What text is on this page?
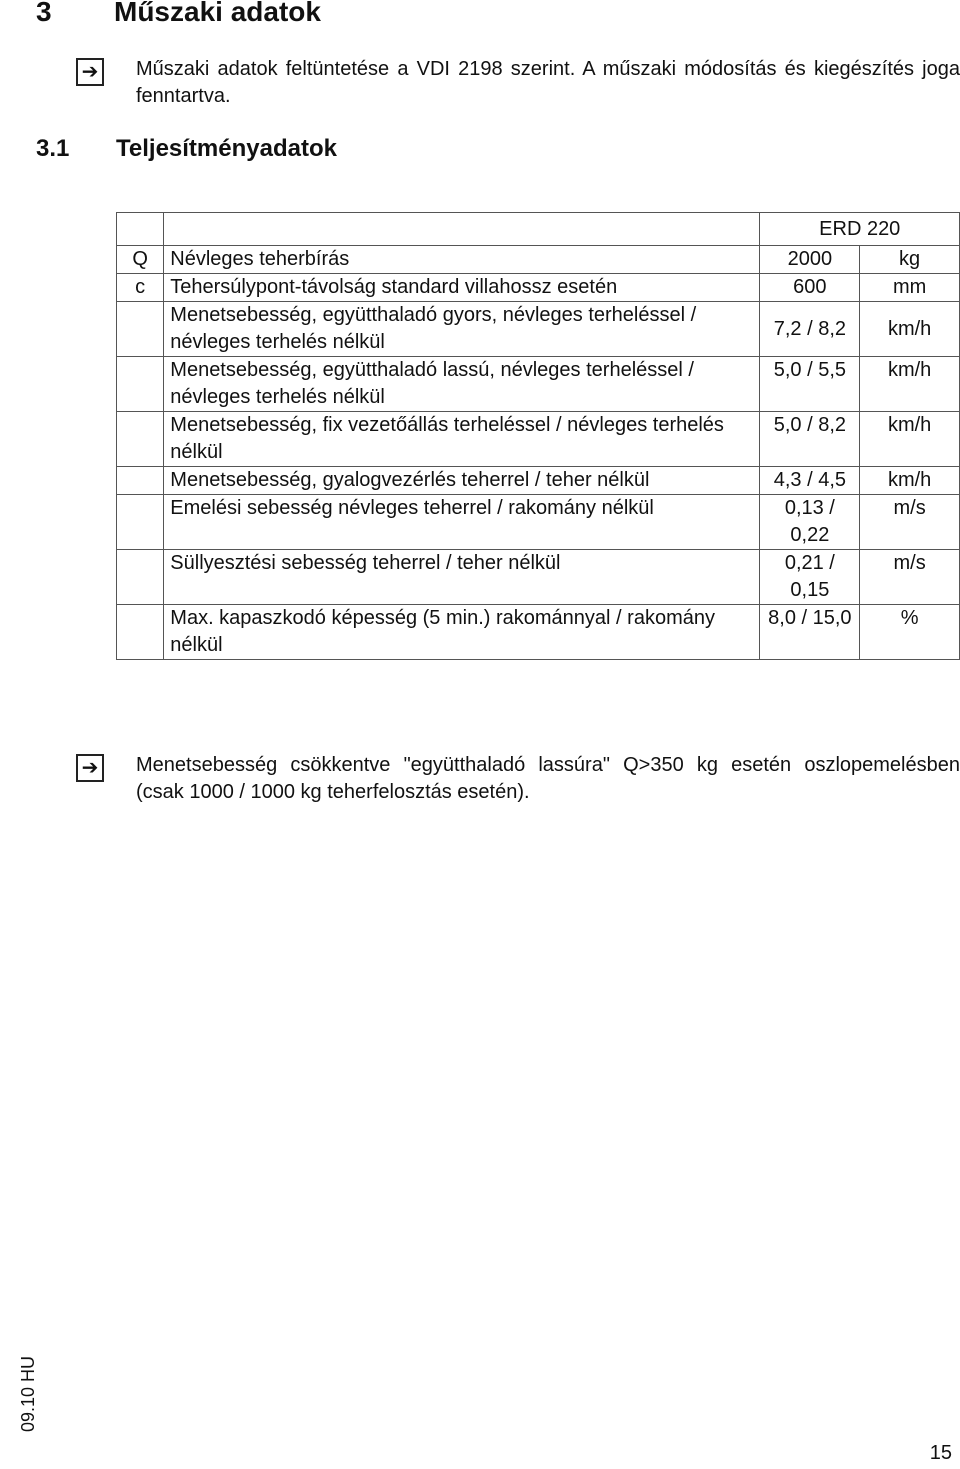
3 Műszaki adatok
➔ Műszaki adatok feltüntetése a VDI 2198 szerint. A műszaki módosítás és kiegészítés joga fenntartva.
3.1 Teljesítményadatok
		ERD 220	
Q	Névleges teherbírás	2000	kg
c	Tehersúlypont-távolság standard villahossz esetén	600	mm
	Menetsebesség, együtthaladó gyors, névleges terheléssel / névleges terhelés nélkül	7,2 / 8,2	km/h
	Menetsebesség, együtthaladó lassú, névleges terheléssel / névleges terhelés nélkül	5,0 / 5,5	km/h
	Menetsebesség, fix vezetőállás terheléssel / névleges terhelés nélkül	5,0 / 8,2	km/h
	Menetsebesség, gyalogvezérlés teherrel / teher nélkül	4,3 / 4,5	km/h
	Emelési sebesség névleges teherrel / rakomány nélkül	0,13 / 0,22	m/s
	Süllyesztési sebesség teherrel / teher nélkül	0,21 / 0,15	m/s
	Max. kapaszkodó képesség (5 min.) rakománnyal / rakomány nélkül	8,0 / 15,0	%
➔ Menetsebesség csökkentve "együtthaladó lassúra" Q>350 kg esetén oszlopemelésben (csak 1000 / 1000 kg teherfelosztás esetén).
09.10 HU
15
